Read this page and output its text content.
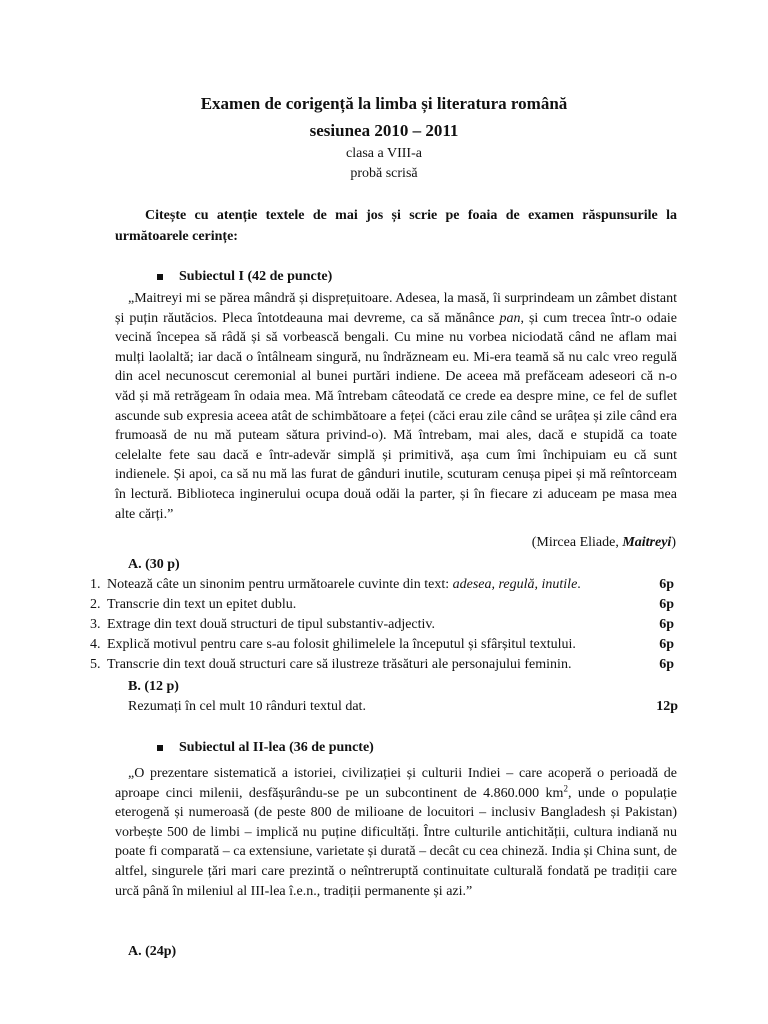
Examen de corigență la limba și literatura română
sesiunea 2010 – 2011
clasa a VIII-a
probă scrisă
Citește cu atenție textele de mai jos și scrie pe foaia de examen răspunsurile la următoarele cerințe:
Subiectul I (42 de puncte)
„Maitreyi mi se părea mândră și disprețuitoare. Adesea, la masă, îi surprindeam un zâmbet distant și puțin răutăcios. Pleca întotdeauna mai devreme, ca să mănânce pan, și cum trecea într-o odaie vecină începea să râdă și să vorbească bengali. Cu mine nu vorbea niciodată când ne aflam mai mulți laolaltă; iar dacă o întâlneam singură, nu îndrăzneam eu. Mi-era teamă să nu calc vreo regulă din acel necunoscut ceremonial al bunei purtări indiene. De aceea mă prefăceam adeseori că n-o văd și mă retrăgeam în odaia mea. Mă întrebam câteodată ce crede ea despre mine, ce fel de suflet ascunde sub expresia aceea atât de schimbătoare a feței (căci erau zile când se urâțea și zile când era frumoasă de nu mă puteam sătura privind-o). Mă întrebam, mai ales, dacă e stupidă ca toate celelalte fete sau dacă e într-adevăr simplă și primitivă, așa cum îmi închipuiam eu că sunt indienele. Și apoi, ca să nu mă las furat de gânduri inutile, scuturam cenușa pipei și mă reîntorceam în lectură. Biblioteca inginerului ocupa două odăi la parter, și în fiecare zi aduceam pe masa mea alte cărți.”
(Mircea Eliade, Maitreyi)
A. (30 p)
1. Notează câte un sinonim pentru următoarele cuvinte din text: adesea, regulă, inutile.	6p
2. Transcrie din text un epitet dublu.	6p
3. Extrage din text două structuri de tipul substantiv-adjectiv.	6p
4. Explică motivul pentru care s-au folosit ghilimelele la începutul și sfârșitul textului.	6p
5. Transcrie din text două structuri care să ilustreze trăsături ale personajului feminin.	6p
B. (12 p)
Rezumați în cel mult 10 rânduri textul dat.	12p
Subiectul al II-lea (36 de puncte)
„O prezentare sistematică a istoriei, civilizației și culturii Indiei – care acoperă o perioadă de aproape cinci milenii, desfășurându-se pe un subcontinent de 4.860.000 $km^2$, unde o populație eterogenă și numeroasă (de peste 800 de milioane de locuitori – inclusiv Bangladesh și Pakistan) vorbește 500 de limbi – implică nu puține dificultăți. Între culturile antichității, cultura indiană nu poate fi comparată – ca extensiune, varietate și durată – decât cu cea chineză. India și China sunt, de altfel, singurele țări mari care prezintă o neîntreruptă continuitate culturală fondată pe tradiții care urcă până în mileniul al III-lea î.e.n., tradiții permanente și azi.”
A. (24p)
